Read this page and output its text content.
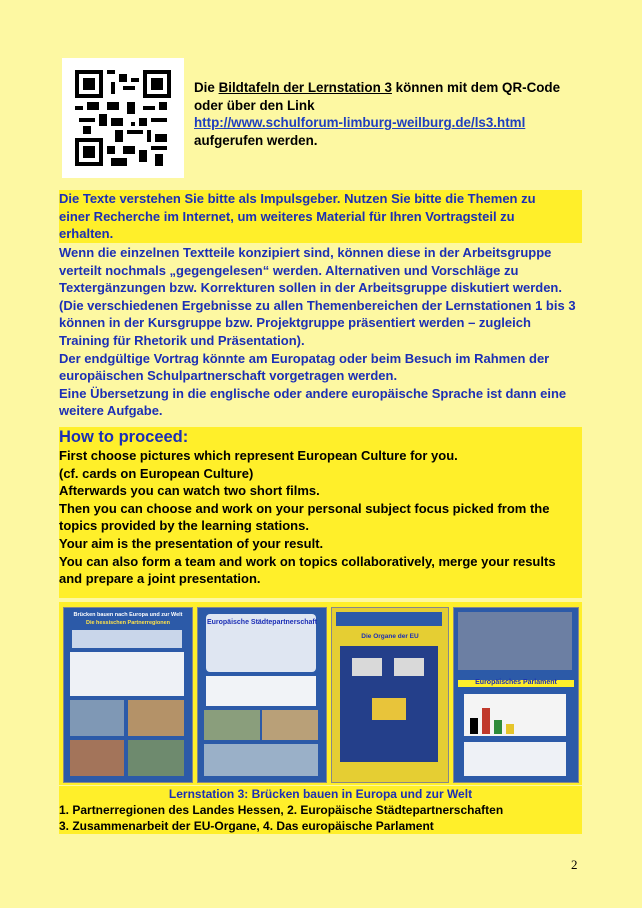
Die Bildtafeln der Lernstation 3 können mit dem QR-Code
oder über den Link
http://www.schulforum-limburg-weilburg.de/ls3.html
aufgerufen werden.
Die Texte verstehen Sie bitte als Impulsgeber. Nutzen Sie bitte die Themen zu
einer Recherche im Internet, um weiteres Material für Ihren Vortragsteil zu
erhalten.
Wenn die einzelnen Textteile konzipiert sind, können diese in der Arbeitsgruppe
verteilt nochmals „gegengelesen“ werden. Alternativen und Vorschläge zu
Textergänzungen bzw. Korrekturen sollen in der Arbeitsgruppe diskutiert werden.
(Die verschiedenen Ergebnisse zu allen Themenbereichen der Lernstationen 1 bis 3
können in der Kursgruppe bzw. Projektgruppe präsentiert werden – zugleich
Training für Rhetorik und Präsentation).
Der endgültige Vortrag könnte am Europatag oder beim Besuch im Rahmen der
europäischen Schulpartnerschaft vorgetragen werden.
Eine Übersetzung in die englische oder andere europäische Sprache ist dann eine
weitere Aufgabe.
How to proceed:
First choose pictures which represent European Culture for you.
(cf. cards on European Culture)
Afterwards you can watch two short films.
Then you can choose and work on your personal subject focus picked from the
topics provided by the learning stations.
Your aim is the presentation of your result.
You can also form a team and work on topics collaboratively, merge your results
and prepare a joint presentation.
Brücken bauen nach Europa und zur Welt
Die hessischen Partnerregionen	Europäische Städtepartnerschaft
Die Organe der EU
Europäisches Parlament
Lernstation 3: Brücken bauen in Europa und zur Welt
1. Partnerregionen des Landes Hessen, 2. Europäische Städtepartnerschaften
3. Zusammenarbeit der EU-Organe, 4. Das europäische Parlament
2
